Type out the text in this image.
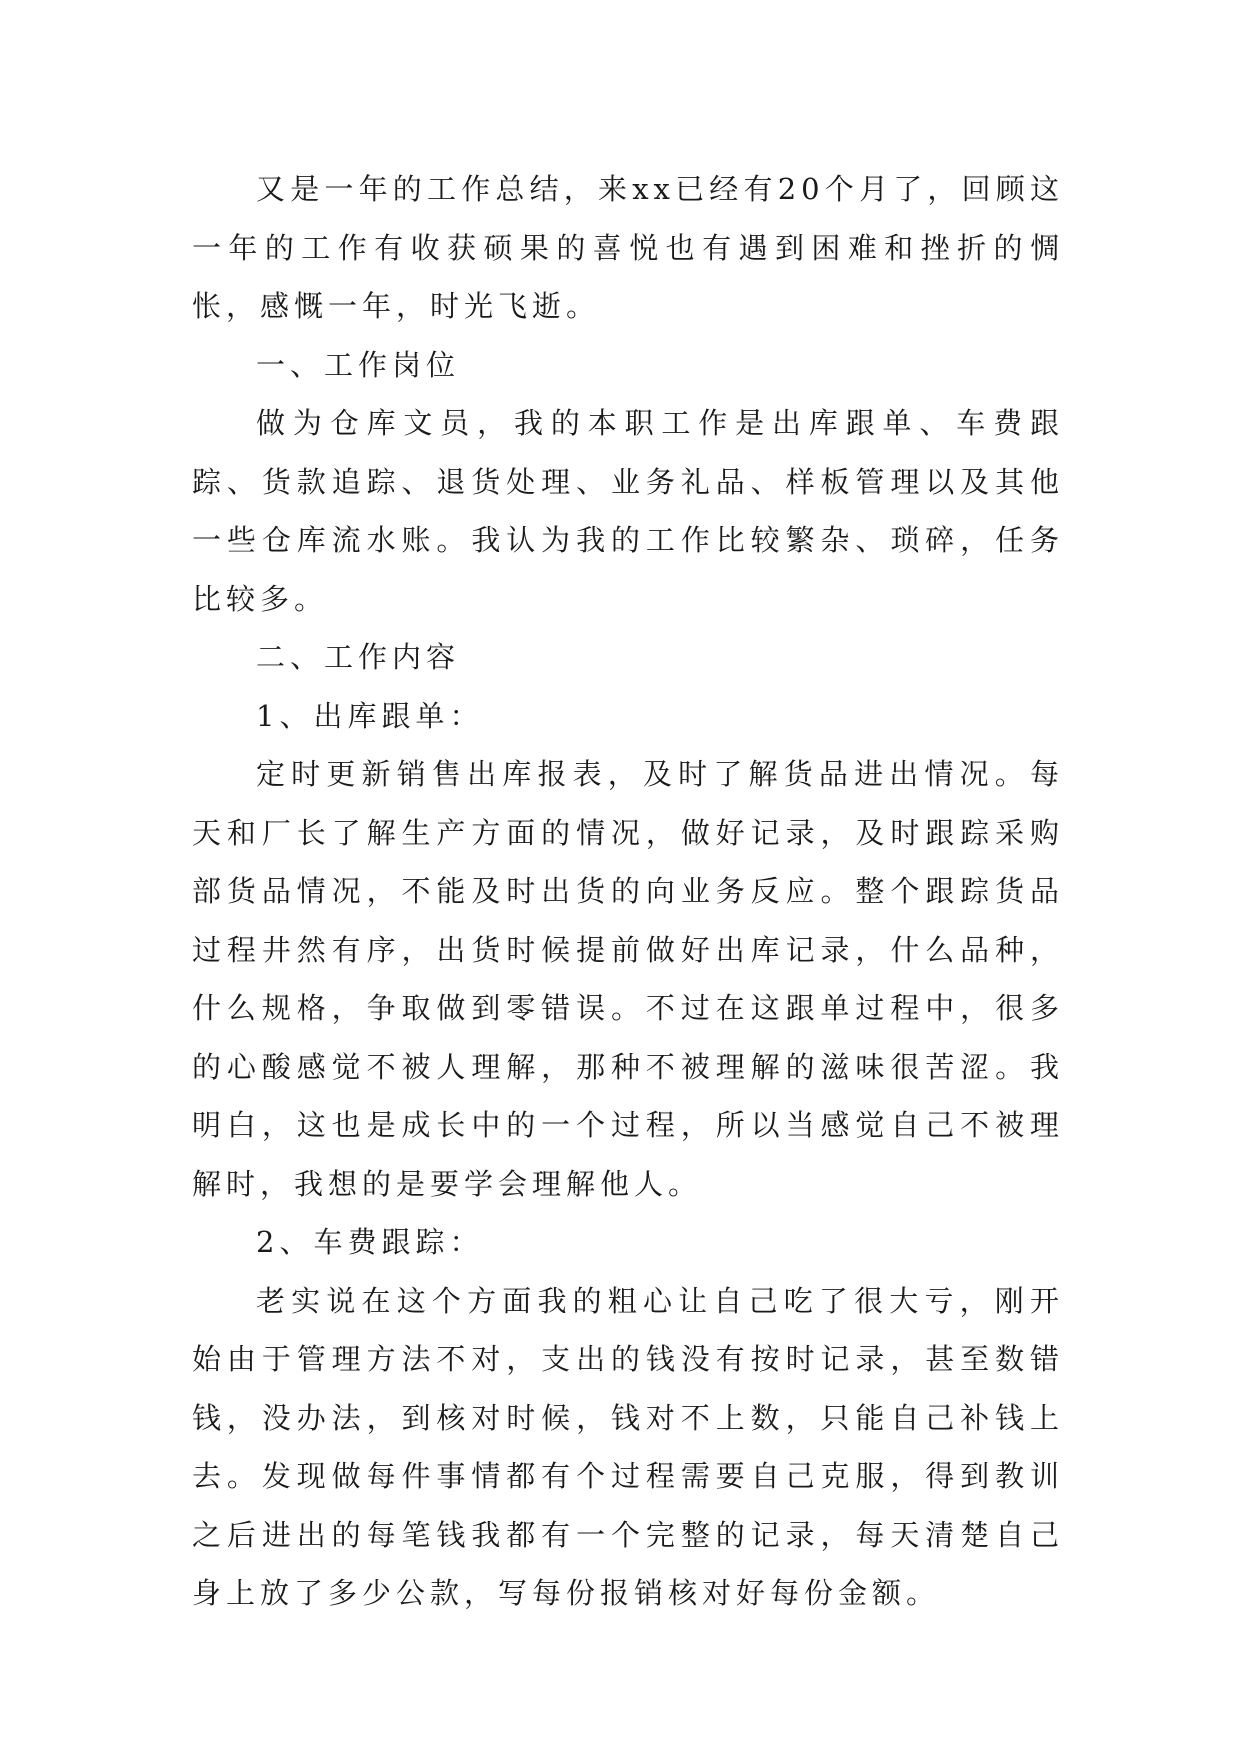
又是一年的工作总结，来xx已经有20个月了，回顾这一年的工作有收获硕果的喜悦也有遇到困难和挫折的惆怅，感慨一年，时光飞逝。

一、工作岗位

做为仓库文员，我的本职工作是出库跟单、车费跟踪、货款追踪、退货处理、业务礼品、样板管理以及其他一些仓库流水账。我认为我的工作比较繁杂、琐碎，任务比较多。

二、工作内容

1、出库跟单：

定时更新销售出库报表，及时了解货品进出情况。每天和厂长了解生产方面的情况，做好记录，及时跟踪采购部货品情况，不能及时出货的向业务反应。整个跟踪货品过程井然有序，出货时候提前做好出库记录，什么品种，什么规格，争取做到零错误。不过在这跟单过程中，很多的心酸感觉不被人理解，那种不被理解的滋味很苦涩。我明白，这也是成长中的一个过程，所以当感觉自己不被理解时，我想的是要学会理解他人。

2、车费跟踪：

老实说在这个方面我的粗心让自己吃了很大亏，刚开始由于管理方法不对，支出的钱没有按时记录，甚至数错钱，没办法，到核对时候，钱对不上数，只能自己补钱上去。发现做每件事情都有个过程需要自己克服，得到教训之后进出的每笔钱我都有一个完整的记录，每天清楚自己身上放了多少公款，写每份报销核对好每份金额。
